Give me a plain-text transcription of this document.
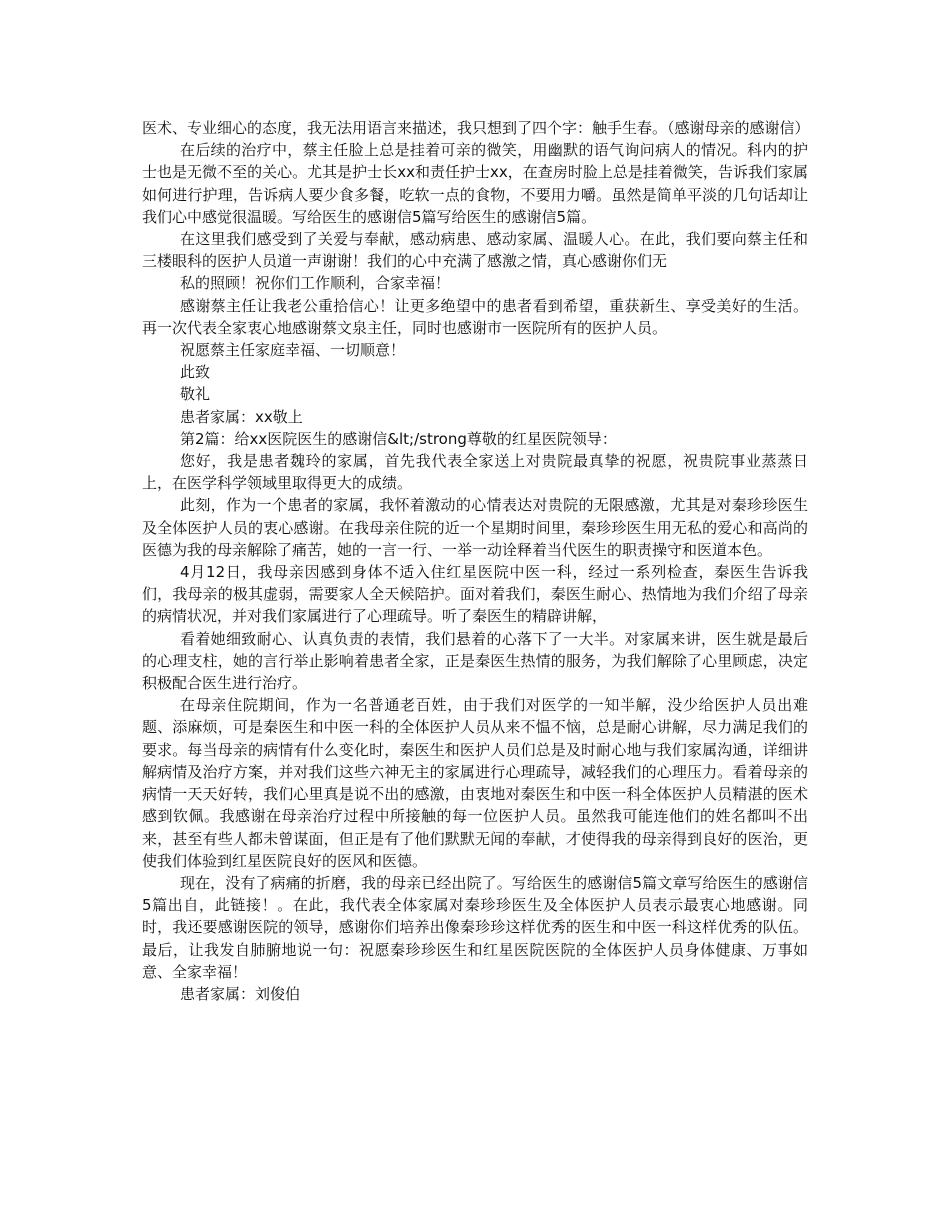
医术、专业细心的态度，我无法用语言来描述，我只想到了四个字：触手生春。（感谢母亲的感谢信）

在后续的治疗中，蔡主任脸上总是挂着可亲的微笑，用幽默的语气询问病人的情况。科内的护士也是无微不至的关心。尤其是护士长xx和责任护士xx，在查房时脸上总是挂着微笑，告诉我们家属如何进行护理，告诉病人要少食多餐，吃软一点的食物，不要用力嚼。虽然是简单平淡的几句话却让我们心中感觉很温暖。写给医生的感谢信5篇写给医生的感谢信5篇。

在这里我们感受到了关爱与奉献，感动病患、感动家属、温暖人心。在此，我们要向蔡主任和三楼眼科的医护人员道一声谢谢！我们的心中充满了感激之情，真心感谢你们无

私的照顾！祝你们工作顺利，合家幸福！

感谢蔡主任让我老公重拾信心！让更多绝望中的患者看到希望，重获新生、享受美好的生活。再一次代表全家衷心地感谢蔡文泉主任，同时也感谢市一医院所有的医护人员。

祝愿蔡主任家庭幸福、一切顺意！

此致

敬礼

患者家属：xx敬上

第2篇：给xx医院医生的感谢信&lt;/strong尊敬的红星医院领导：

您好，我是患者魏玲的家属，首先我代表全家送上对贵院最真挚的祝愿，祝贵院事业蒸蒸日上，在医学科学领域里取得更大的成绩。

此刻，作为一个患者的家属，我怀着激动的心情表达对贵院的无限感激，尤其是对秦珍珍医生及全体医护人员的衷心感谢。在我母亲住院的近一个星期时间里，秦珍珍医生用无私的爱心和高尚的医德为我的母亲解除了痛苦，她的一言一行、一举一动诠释着当代医生的职责操守和医道本色。

4月12日，我母亲因感到身体不适入住红星医院中医一科，经过一系列检查，秦医生告诉我们，我母亲的极其虚弱，需要家人全天候陪护。面对着我们，秦医生耐心、热情地为我们介绍了母亲的病情状况，并对我们家属进行了心理疏导。听了秦医生的精辟讲解，

看着她细致耐心、认真负责的表情，我们悬着的心落下了一大半。对家属来讲，医生就是最后的心理支柱，她的言行举止影响着患者全家，正是秦医生热情的服务，为我们解除了心里顾虑，决定积极配合医生进行治疗。

在母亲住院期间，作为一名普通老百姓，由于我们对医学的一知半解，没少给医护人员出难题、添麻烦，可是秦医生和中医一科的全体医护人员从来不愠不恼，总是耐心讲解，尽力满足我们的要求。每当母亲的病情有什么变化时，秦医生和医护人员们总是及时耐心地与我们家属沟通，详细讲解病情及治疗方案，并对我们这些六神无主的家属进行心理疏导，减轻我们的心理压力。看着母亲的病情一天天好转，我们心里真是说不出的感激，由衷地对秦医生和中医一科全体医护人员精湛的医术感到钦佩。我感谢在母亲治疗过程中所接触的每一位医护人员。虽然我可能连他们的姓名都叫不出来，甚至有些人都未曾谋面，但正是有了他们默默无闻的奉献，才使得我的母亲得到良好的医治，更使我们体验到红星医院良好的医风和医德。

现在，没有了病痛的折磨，我的母亲已经出院了。写给医生的感谢信5篇文章写给医生的感谢信5篇出自，此链接！。在此，我代表全体家属对秦珍珍医生及全体医护人员表示最衷心地感谢。同时，我还要感谢医院的领导，感谢你们培养出像秦珍珍这样优秀的医生和中医一科这样优秀的队伍。最后，让我发自肺腑地说一句：祝愿秦珍珍医生和红星医院医院的全体医护人员身体健康、万事如意、全家幸福！

患者家属：刘俊伯
